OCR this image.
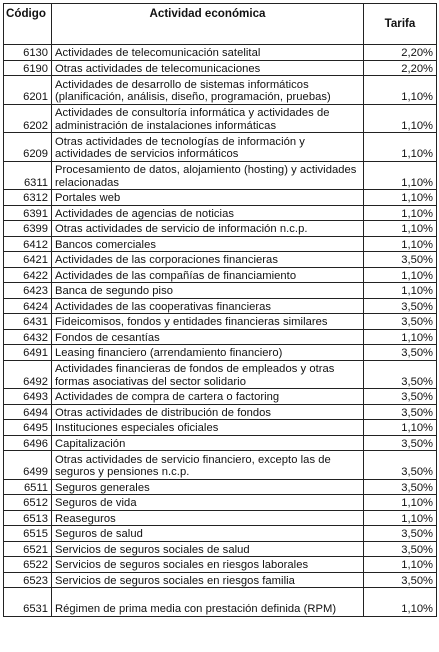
Código	Actividad económica	Tarifa
6130	Actividades de telecomunicación satelital	2,20%
6190	Otras actividades de telecomunicaciones	2,20%
6201	Actividades de desarrollo de sistemas informáticos (planificación, análisis, diseño, programación, pruebas)	1,10%
6202	Actividades de consultoría informática y actividades de administración de instalaciones informáticas	1,10%
6209	Otras actividades de tecnologías de información y actividades de servicios informáticos	1,10%
6311	Procesamiento de datos, alojamiento (hosting) y actividades relacionadas	1,10%
6312	Portales web	1,10%
6391	Actividades de agencias de noticias	1,10%
6399	Otras actividades de servicio de información n.c.p.	1,10%
6412	Bancos comerciales	1,10%
6421	Actividades de las corporaciones financieras	3,50%
6422	Actividades de las compañías de financiamiento	1,10%
6423	Banca de segundo piso	1,10%
6424	Actividades de las cooperativas financieras	3,50%
6431	Fideicomisos, fondos y entidades financieras similares	3,50%
6432	Fondos de cesantías	1,10%
6491	Leasing financiero (arrendamiento financiero)	3,50%
6492	Actividades financieras de fondos de empleados y otras formas asociativas del sector solidario	3,50%
6493	Actividades de compra de cartera o factoring	3,50%
6494	Otras actividades de distribución de fondos	3,50%
6495	Instituciones especiales oficiales	1,10%
6496	Capitalización	3,50%
6499	Otras actividades de servicio financiero, excepto las de seguros y pensiones n.c.p.	3,50%
6511	Seguros generales	3,50%
6512	Seguros de vida	1,10%
6513	Reaseguros	1,10%
6515	Seguros de salud	3,50%
6521	Servicios de seguros sociales de salud	3,50%
6522	Servicios de seguros sociales en riesgos laborales	1,10%
6523	Servicios de seguros sociales en riesgos familia	3,50%
6531	Régimen de prima media con prestación definida (RPM)	1,10%
